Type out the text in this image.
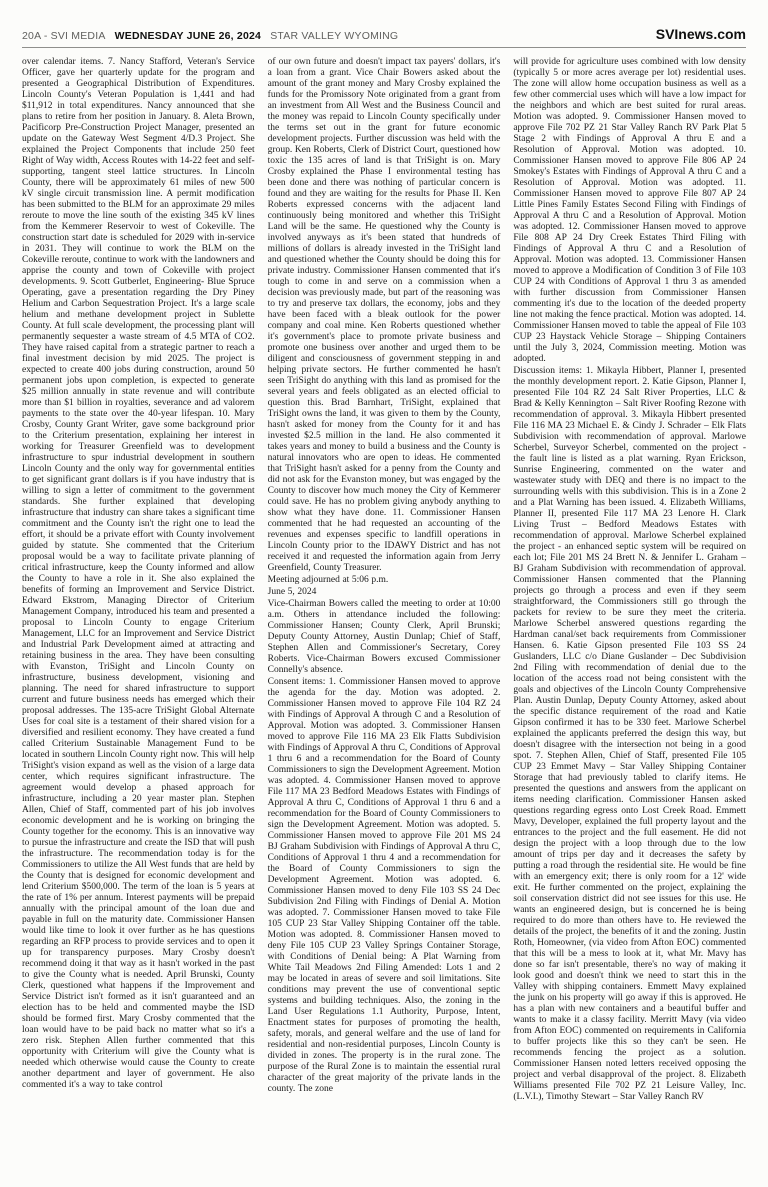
20A - SVI MEDIA WEDNESDAY JUNE 26, 2024 STAR VALLEY WYOMING	SVInews.com

over calendar items. 7. Nancy Stafford, Veteran's Service Officer, gave her quarterly update for the program and presented a Geographical Distribution of Expenditures. Lincoln County's Veteran Population is 1,441 and had $11,912 in total expenditures. Nancy announced that she plans to retire from her position in January. 8. Aleta Brown, Pacificorp Pre-Construction Project Manager, presented an update on the Gateway West Segment 4/D.3 Project. She explained the Project Components that include 250 feet Right of Way width, Access Routes with 14-22 feet and self-supporting, tangent steel lattice structures. In Lincoln County, there will be approximately 61 miles of new 500 kV single circuit transmission line. A permit modification has been submitted to the BLM for an approximate 29 miles reroute to move the line south of the existing 345 kV lines from the Kemmerer Reservoir to west of Cokeville. The construction start date is scheduled for 2029 with in-service in 2031. They will continue to work the BLM on the Cokeville reroute, continue to work with the landowners and apprise the county and town of Cokeville with project developments. 9. Scott Gutberlet, Engineering- Blue Spruce Operating, gave a presentation regarding the Dry Piney Helium and Carbon Sequestration Project. It's a large scale helium and methane development project in Sublette County. At full scale development, the processing plant will permanently sequester a waste stream of 4.5 MTA of CO2. They have raised capital from a strategic partner to reach a final investment decision by mid 2025. The project is expected to create 400 jobs during construction, around 50 permanent jobs upon completion, is expected to generate $25 million annually in state revenue and will contribute more than $1 billion in royalties, severance and ad valorem payments to the state over the 40-year lifespan. 10. Mary Crosby, County Grant Writer, gave some background prior to the Criterium presentation, explaining her interest in working for Treasurer Greenfield was to development infrastructure to spur industrial development in southern Lincoln County and the only way for governmental entities to get significant grant dollars is if you have industry that is willing to sign a letter of commitment to the government standards. She further explained that developing infrastructure that industry can share takes a significant time commitment and the County isn't the right one to lead the effort, it should be a private effort with County involvement guided by statute. She commented that the Criterium proposal would be a way to facilitate private planning of critical infrastructure, keep the County informed and allow the County to have a role in it. She also explained the benefits of forming an Improvement and Service District. Edward Ekstrom, Managing Director of Criterium Management Company, introduced his team and presented a proposal to Lincoln County to engage Criterium Management, LLC for an Improvement and Service District and Industrial Park Development aimed at attracting and retaining business in the area. They have been consulting with Evanston, TriSight and Lincoln County on infrastructure, business development, visioning and planning. The need for shared infrastructure to support current and future business needs has emerged which their proposal addresses. The 135-acre TriSight Global Alternate Uses for coal site is a testament of their shared vision for a diversified and resilient economy. They have created a fund called Criterium Sustainable Management Fund to be located in southern Lincoln County right now. This will help TriSight's vision expand as well as the vision of a large data center, which requires significant infrastructure. The agreement would develop a phased approach for infrastructure, including a 20 year master plan. Stephen Allen, Chief of Staff, commented part of his job involves economic development and he is working on bringing the County together for the economy. This is an innovative way to pursue the infrastructure and create the ISD that will push the infrastructure. The recommendation today is for the Commissioners to utilize the All West funds that are held by the County that is designed for economic development and lend Criterium $500,000. The term of the loan is 5 years at the rate of 1% per annum. Interest payments will be prepaid annually with the principal amount of the loan due and payable in full on the maturity date. Commissioner Hansen would like time to look it over further as he has questions regarding an RFP process to provide services and to open it up for transparency purposes. Mary Crosby doesn't recommend doing it that way as it hasn't worked in the past to give the County what is needed. April Brunski, County Clerk, questioned what happens if the Improvement and Service District isn't formed as it isn't guaranteed and an election has to be held and commented maybe the ISD should be formed first. Mary Crosby commented that the loan would have to be paid back no matter what so it's a zero risk. Stephen Allen further commented that this opportunity with Criterium will give the County what is needed which otherwise would cause the County to create another department and layer of government. He also commented it's a way to take control

of our own future and doesn't impact tax payers' dollars, it's a loan from a grant. Vice Chair Bowers asked about the amount of the grant money and Mary Crosby explained the funds for the Promissory Note originated from a grant from an investment from All West and the Business Council and the money was repaid to Lincoln County specifically under the terms set out in the grant for future economic development projects. Further discussion was held with the group. Ken Roberts, Clerk of District Court, questioned how toxic the 135 acres of land is that TriSight is on. Mary Crosby explained the Phase I environmental testing has been done and there was nothing of particular concern is found and they are waiting for the results for Phase II. Ken Roberts expressed concerns with the adjacent land continuously being monitored and whether this TriSight Land will be the same. He questioned why the County is involved anyways as it's been stated that hundreds of millions of dollars is already invested in the TriSight land and questioned whether the County should be doing this for private industry. Commissioner Hansen commented that it's tough to come in and serve on a commission when a decision was previously made, but part of the reasoning was to try and preserve tax dollars, the economy, jobs and they have been faced with a bleak outlook for the power company and coal mine. Ken Roberts questioned whether it's government's place to promote private business and promote one business over another and urged them to be diligent and consciousness of government stepping in and helping private sectors. He further commented he hasn't seen TriSight do anything with this land as promised for the several years and feels obligated as an elected official to question this. Brad Barnhart, TriSight, explained that TriSight owns the land, it was given to them by the County, hasn't asked for money from the County for it and has invested $2.5 million in the land. He also commented it takes years and money to build a business and the County is natural innovators who are open to ideas. He commented that TriSight hasn't asked for a penny from the County and did not ask for the Evanston money, but was engaged by the County to discover how much money the City of Kemmerer could save. He has no problem giving anybody anything to show what they have done. 11. Commissioner Hansen commented that he had requested an accounting of the revenues and expenses specific to landfill operations in Lincoln County prior to the IDAWY District and has not received it and requested the information again from Jerry Greenfield, County Treasurer.

Meeting adjourned at 5:06 p.m.

June 5, 2024

Vice-Chairman Bowers called the meeting to order at 10:00 a.m. Others in attendance included the following: Commissioner Hansen; County Clerk, April Brunski; Deputy County Attorney, Austin Dunlap; Chief of Staff, Stephen Allen and Commissioner's Secretary, Corey Roberts. Vice-Chairman Bowers excused Commissioner Connelly's absence.

Consent items: 1. Commissioner Hansen moved to approve the agenda for the day. Motion was adopted. 2. Commissioner Hansen moved to approve File 104 RZ 24 with Findings of Approval A through C and a Resolution of Approval. Motion was adopted. 3. Commissioner Hansen moved to approve File 116 MA 23 Elk Flatts Subdivision with Findings of Approval A thru C, Conditions of Approval 1 thru 6 and a recommendation for the Board of County Commissioners to sign the Development Agreement. Motion was adopted. 4. Commissioner Hansen moved to approve File 117 MA 23 Bedford Meadows Estates with Findings of Approval A thru C, Conditions of Approval 1 thru 6 and a recommendation for the Board of County Commissioners to sign the Development Agreement. Motion was adopted. 5. Commissioner Hansen moved to approve File 201 MS 24 BJ Graham Subdivision with Findings of Approval A thru C, Conditions of Approval 1 thru 4 and a recommendation for the Board of County Commissioners to sign the Development Agreement. Motion was adopted. 6. Commissioner Hansen moved to deny File 103 SS 24 Dec Subdivision 2nd Filing with Findings of Denial A. Motion was adopted. 7. Commissioner Hansen moved to take File 105 CUP 23 Star Valley Shipping Container off the table. Motion was adopted. 8. Commissioner Hansen moved to deny File 105 CUP 23 Valley Springs Container Storage, with Conditions of Denial being: A Plat Warning from White Tail Meadows 2nd Filing Amended: Lots 1 and 2 may be located in areas of severe and soil limitations. Site conditions may prevent the use of conventional septic systems and building techniques. Also, the zoning in the Land User Regulations 1.1 Authority, Purpose, Intent, Enactment states for purposes of promoting the health, safety, morals, and general welfare and the use of land for residential and non-residential purposes, Lincoln County is divided in zones. The property is in the rural zone. The purpose of the Rural Zone is to maintain the essential rural character of the great majority of the private lands in the county. The zone

will provide for agriculture uses combined with low density (typically 5 or more acres average per lot) residential uses. The zone will allow home occupation business as well as a few other commercial uses which will have a low impact for the neighbors and which are best suited for rural areas. Motion was adopted. 9. Commissioner Hansen moved to approve File 702 PZ 21 Star Valley Ranch RV Park Plat 5 Stage 2 with Findings of Approval A thru E and a Resolution of Approval. Motion was adopted. 10. Commissioner Hansen moved to approve File 806 AP 24 Smokey's Estates with Findings of Approval A thru C and a Resolution of Approval. Motion was adopted. 11. Commissioner Hansen moved to approve File 807 AP 24 Little Pines Family Estates Second Filing with Findings of Approval A thru C and a Resolution of Approval. Motion was adopted. 12. Commissioner Hansen moved to approve File 808 AP 24 Dry Creek Estates Third Filing with Findings of Approval A thru C and a Resolution of Approval. Motion was adopted. 13. Commissioner Hansen moved to approve a Modification of Condition 3 of File 103 CUP 24 with Conditions of Approval 1 thru 3 as amended with further discussion from Commissioner Hansen commenting it's due to the location of the deeded property line not making the fence practical. Motion was adopted. 14. Commissioner Hansen moved to table the appeal of File 103 CUP 23 Haystack Vehicle Storage – Shipping Containers until the July 3, 2024, Commission meeting. Motion was adopted.

Discussion items: 1. Mikayla Hibbert, Planner I, presented the monthly development report. 2. Katie Gipson, Planner I, presented File 104 RZ 24 Salt River Properties, LLC & Brad & Kelly Kennington – Salt River Roofing Rezone with recommendation of approval. 3. Mikayla Hibbert presented File 116 MA 23 Michael E. & Cindy J. Schrader – Elk Flats Subdivision with recommendation of approval. Marlowe Scherbel, Surveyor Scherbel, commented on the project - the fault line is listed as a plat warning. Ryan Erickson, Sunrise Engineering, commented on the water and wastewater study with DEQ and there is no impact to the surrounding wells with this subdivision. This is in a Zone 2 and a Plat Warning has been issued. 4. Elizabeth Williams, Planner II, presented File 117 MA 23 Lenore H. Clark Living Trust – Bedford Meadows Estates with recommendation of approval. Marlowe Scherbel explained the project - an enhanced septic system will be required on each lot; File 201 MS 24 Brett N. & Jennifer L. Graham – BJ Graham Subdivision with recommendation of approval. Commissioner Hansen commented that the Planning projects go through a process and even if they seem straightforward, the Commissioners still go through the packets for review to be sure they meet the criteria. Marlowe Scherbel answered questions regarding the Hardman canal/set back requirements from Commissioner Hansen. 6. Katie Gipson presented File 103 SS 24 Guslanders, LLC c/o Diane Guslander – Dec Subdivision 2nd Filing with recommendation of denial due to the location of the access road not being consistent with the goals and objectives of the Lincoln County Comprehensive Plan. Austin Dunlap, Deputy County Attorney, asked about the specific distance requirement of the road and Katie Gipson confirmed it has to be 330 feet. Marlowe Scherbel explained the applicants preferred the design this way, but doesn't disagree with the intersection not being in a good spot. 7. Stephen Allen, Chief of Staff, presented File 105 CUP 23 Emmet Mavy – Star Valley Shipping Container Storage that had previously tabled to clarify items. He presented the questions and answers from the applicant on items needing clarification. Commissioner Hansen asked questions regarding egress onto Lost Creek Road. Emmett Mavy, Developer, explained the full property layout and the entrances to the project and the full easement. He did not design the project with a loop through due to the low amount of trips per day and it decreases the safety by putting a road through the residential site. He would be fine with an emergency exit; there is only room for a 12' wide exit. He further commented on the project, explaining the soil conservation district did not see issues for this use. He wants an engineered design, but is concerned he is being required to do more than others have to. He reviewed the details of the project, the benefits of it and the zoning. Justin Roth, Homeowner, (via video from Afton EOC) commented that this will be a mess to look at it, what Mr. Mavy has done so far isn't presentable, there's no way of making it look good and doesn't think we need to start this in the Valley with shipping containers. Emmett Mavy explained the junk on his property will go away if this is approved. He has a plan with new containers and a beautiful buffer and wants to make it a classy facility. Merritt Mavy (via video from Afton EOC) commented on requirements in California to buffer projects like this so they can't be seen. He recommends fencing the project as a solution. Commissioner Hansen noted letters received opposing the project and verbal disapproval of the project. 8. Elizabeth Williams presented File 702 PZ 21 Leisure Valley, Inc. (L.V.I.), Timothy Stewart – Star Valley Ranch RV
